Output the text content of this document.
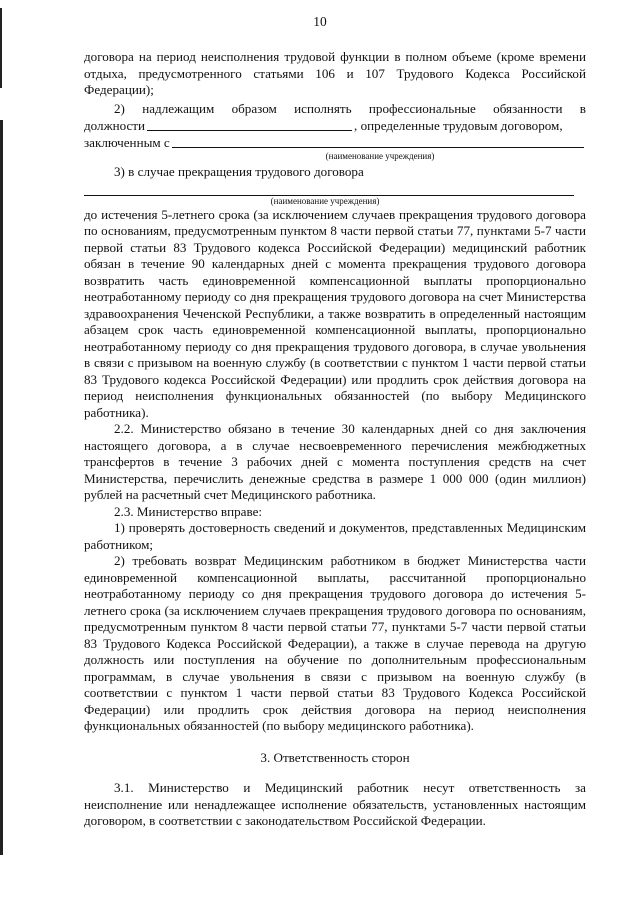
10

договора на период неисполнения трудовой функции в полном объеме (кроме времени отдыха, предусмотренного статьями 106 и 107 Трудового Кодекса Российской Федерации);

2) надлежащим образом исполнять профессиональные обязанности в

должности	, определенные трудовым договором,
заключенным с
(наименование учреждения)

3) в случае прекращения трудового договора

(наименование учреждения)

до истечения 5-летнего срока (за исключением случаев прекращения трудового договора по основаниям, предусмотренным пунктом 8 части первой статьи 77, пунктами 5-7 части первой статьи 83 Трудового кодекса Российской Федерации) медицинский работник обязан в течение 90 календарных дней с момента прекращения трудового договора возвратить часть единовременной компенсационной выплаты пропорционально неотработанному периоду со дня прекращения трудового договора на счет Министерства здравоохранения Чеченской Республики, а также возвратить в определенный настоящим абзацем срок часть единовременной компенсационной выплаты, пропорционально неотработанному периоду со дня прекращения трудового договора, в случае увольнения в связи с призывом на военную службу (в соответствии с пунктом 1 части первой статьи 83 Трудового кодекса Российской Федерации) или продлить срок действия договора на период неисполнения функциональных обязанностей (по выбору Медицинского работника).

2.2. Министерство обязано в течение 30 календарных дней со дня заключения настоящего договора, а в случае несвоевременного перечисления межбюджетных трансфертов в течение 3 рабочих дней с момента поступления средств на счет Министерства, перечислить денежные средства в размере 1 000 000 (один миллион) рублей на расчетный счет Медицинского работника.

2.3. Министерство вправе:

1) проверять достоверность сведений и документов, представленных Медицинским работником;

2) требовать возврат Медицинским работником в бюджет Министерства части единовременной компенсационной выплаты, рассчитанной пропорционально неотработанному периоду со дня прекращения трудового договора до истечения 5-летнего срока (за исключением случаев прекращения трудового договора по основаниям, предусмотренным пунктом 8 части первой статьи 77, пунктами 5-7 части первой статьи 83 Трудового Кодекса Российской Федерации), а также в случае перевода на другую должность или поступления на обучение по дополнительным профессиональным программам, в случае увольнения в связи с призывом на военную службу (в соответствии с пунктом 1 части первой статьи 83 Трудового Кодекса Российской Федерации) или продлить срок действия договора на период неисполнения функциональных обязанностей (по выбору медицинского работника).

3. Ответственность сторон

3.1. Министерство и Медицинский работник несут ответственность за неисполнение или ненадлежащее исполнение обязательств, установленных настоящим договором, в соответствии с законодательством Российской Федерации.
